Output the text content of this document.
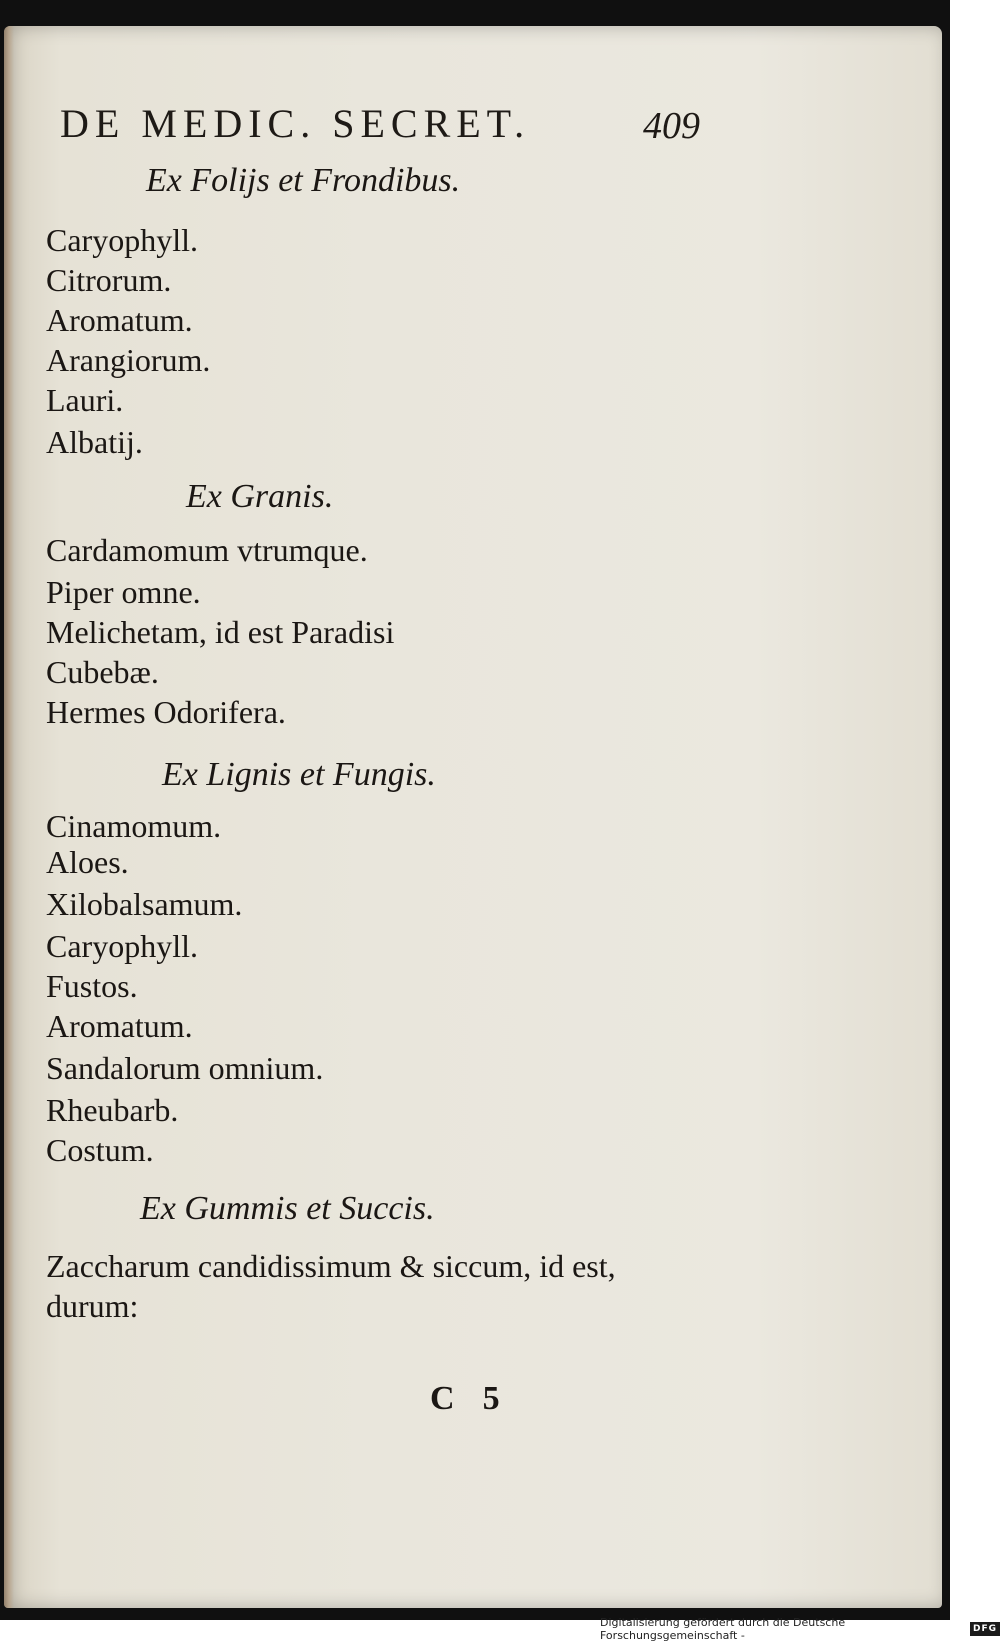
DE MEDIC. SECRET.	409

Ex Folijs et Frondibus.

Caryophyll.

Citrorum.

Aromatum.

Arangiorum.

Lauri.

Albatij.

Ex Granis.

Cardamomum vtrumque.

Piper omne.

Melichetam, id est Paradisi

Cubebæ.

Hermes Odorifera.

Ex Lignis et Fungis.

Cinamomum.

Aloes.

Xilobalsamum.

Caryophyll.

Fustos.

Aromatum.

Sandalorum omnium.

Rheubarb.

Costum.

Ex Gummis et Succis.

Zaccharum candidissimum & siccum, id est, durum:

C5
Digitalisierung gefördert durch die Deutsche Forschungsgemeinschaft -	DFG
